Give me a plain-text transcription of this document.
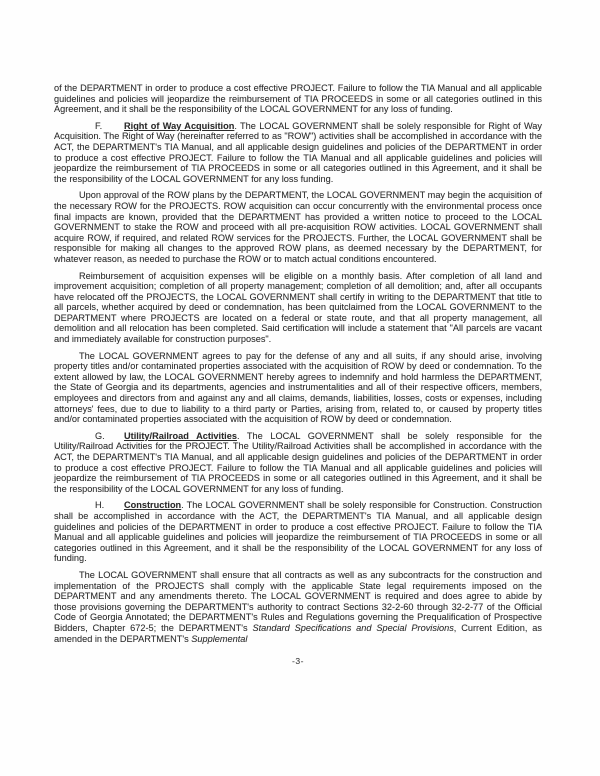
of the DEPARTMENT in order to produce a cost effective PROJECT. Failure to follow the TIA Manual and all applicable guidelines and policies will jeopardize the reimbursement of TIA PROCEEDS in some or all categories outlined in this Agreement, and it shall be the responsibility of the LOCAL GOVERNMENT for any loss of funding.

F. Right of Way Acquisition. The LOCAL GOVERNMENT shall be solely responsible for Right of Way Acquisition. The Right of Way (hereinafter referred to as "ROW") activities shall be accomplished in accordance with the ACT, the DEPARTMENT's TIA Manual, and all applicable design guidelines and policies of the DEPARTMENT in order to produce a cost effective PROJECT. Failure to follow the TIA Manual and all applicable guidelines and policies will jeopardize the reimbursement of TIA PROCEEDS in some or all categories outlined in this Agreement, and it shall be the responsibility of the LOCAL GOVERNMENT for any loss funding.

Upon approval of the ROW plans by the DEPARTMENT, the LOCAL GOVERNMENT may begin the acquisition of the necessary ROW for the PROJECTS. ROW acquisition can occur concurrently with the environmental process once final impacts are known, provided that the DEPARTMENT has provided a written notice to proceed to the LOCAL GOVERNMENT to stake the ROW and proceed with all pre-acquisition ROW activities. LOCAL GOVERNMENT shall acquire ROW, if required, and related ROW services for the PROJECTS. Further, the LOCAL GOVERNMENT shall be responsible for making all changes to the approved ROW plans, as deemed necessary by the DEPARTMENT, for whatever reason, as needed to purchase the ROW or to match actual conditions encountered.

Reimbursement of acquisition expenses will be eligible on a monthly basis. After completion of all land and improvement acquisition; completion of all property management; completion of all demolition; and, after all occupants have relocated off the PROJECTS, the LOCAL GOVERNMENT shall certify in writing to the DEPARTMENT that title to all parcels, whether acquired by deed or condemnation, has been quitclaimed from the LOCAL GOVERNMENT to the DEPARTMENT where PROJECTS are located on a federal or state route, and that all property management, all demolition and all relocation has been completed. Said certification will include a statement that "All parcels are vacant and immediately available for construction purposes".

The LOCAL GOVERNMENT agrees to pay for the defense of any and all suits, if any should arise, involving property titles and/or contaminated properties associated with the acquisition of ROW by deed or condemnation. To the extent allowed by law, the LOCAL GOVERNMENT hereby agrees to indemnify and hold harmless the DEPARTMENT, the State of Georgia and its departments, agencies and instrumentalities and all of their respective officers, members, employees and directors from and against any and all claims, demands, liabilities, losses, costs or expenses, including attorneys' fees, due to due to liability to a third party or Parties, arising from, related to, or caused by property titles and/or contaminated properties associated with the acquisition of ROW by deed or condemnation.

G. Utility/Railroad Activities. The LOCAL GOVERNMENT shall be solely responsible for the Utility/Railroad Activities for the PROJECT. The Utility/Railroad Activities shall be accomplished in accordance with the ACT, the DEPARTMENT's TIA Manual, and all applicable design guidelines and policies of the DEPARTMENT in order to produce a cost effective PROJECT. Failure to follow the TIA Manual and all applicable guidelines and policies will jeopardize the reimbursement of TIA PROCEEDS in some or all categories outlined in this Agreement, and it shall be the responsibility of the LOCAL GOVERNMENT for any loss of funding.

H. Construction. The LOCAL GOVERNMENT shall be solely responsible for Construction. Construction shall be accomplished in accordance with the ACT, the DEPARTMENT's TIA Manual, and all applicable design guidelines and policies of the DEPARTMENT in order to produce a cost effective PROJECT. Failure to follow the TIA Manual and all applicable guidelines and policies will jeopardize the reimbursement of TIA PROCEEDS in some or all categories outlined in this Agreement, and it shall be the responsibility of the LOCAL GOVERNMENT for any loss of funding.

The LOCAL GOVERNMENT shall ensure that all contracts as well as any subcontracts for the construction and implementation of the PROJECTS shall comply with the applicable State legal requirements imposed on the DEPARTMENT and any amendments thereto. The LOCAL GOVERNMENT is required and does agree to abide by those provisions governing the DEPARTMENT's authority to contract Sections 32-2-60 through 32-2-77 of the Official Code of Georgia Annotated; the DEPARTMENT's Rules and Regulations governing the Prequalification of Prospective Bidders, Chapter 672-5; the DEPARTMENT's Standard Specifications and Special Provisions, Current Edition, as amended in the DEPARTMENT's Supplemental

-3-
